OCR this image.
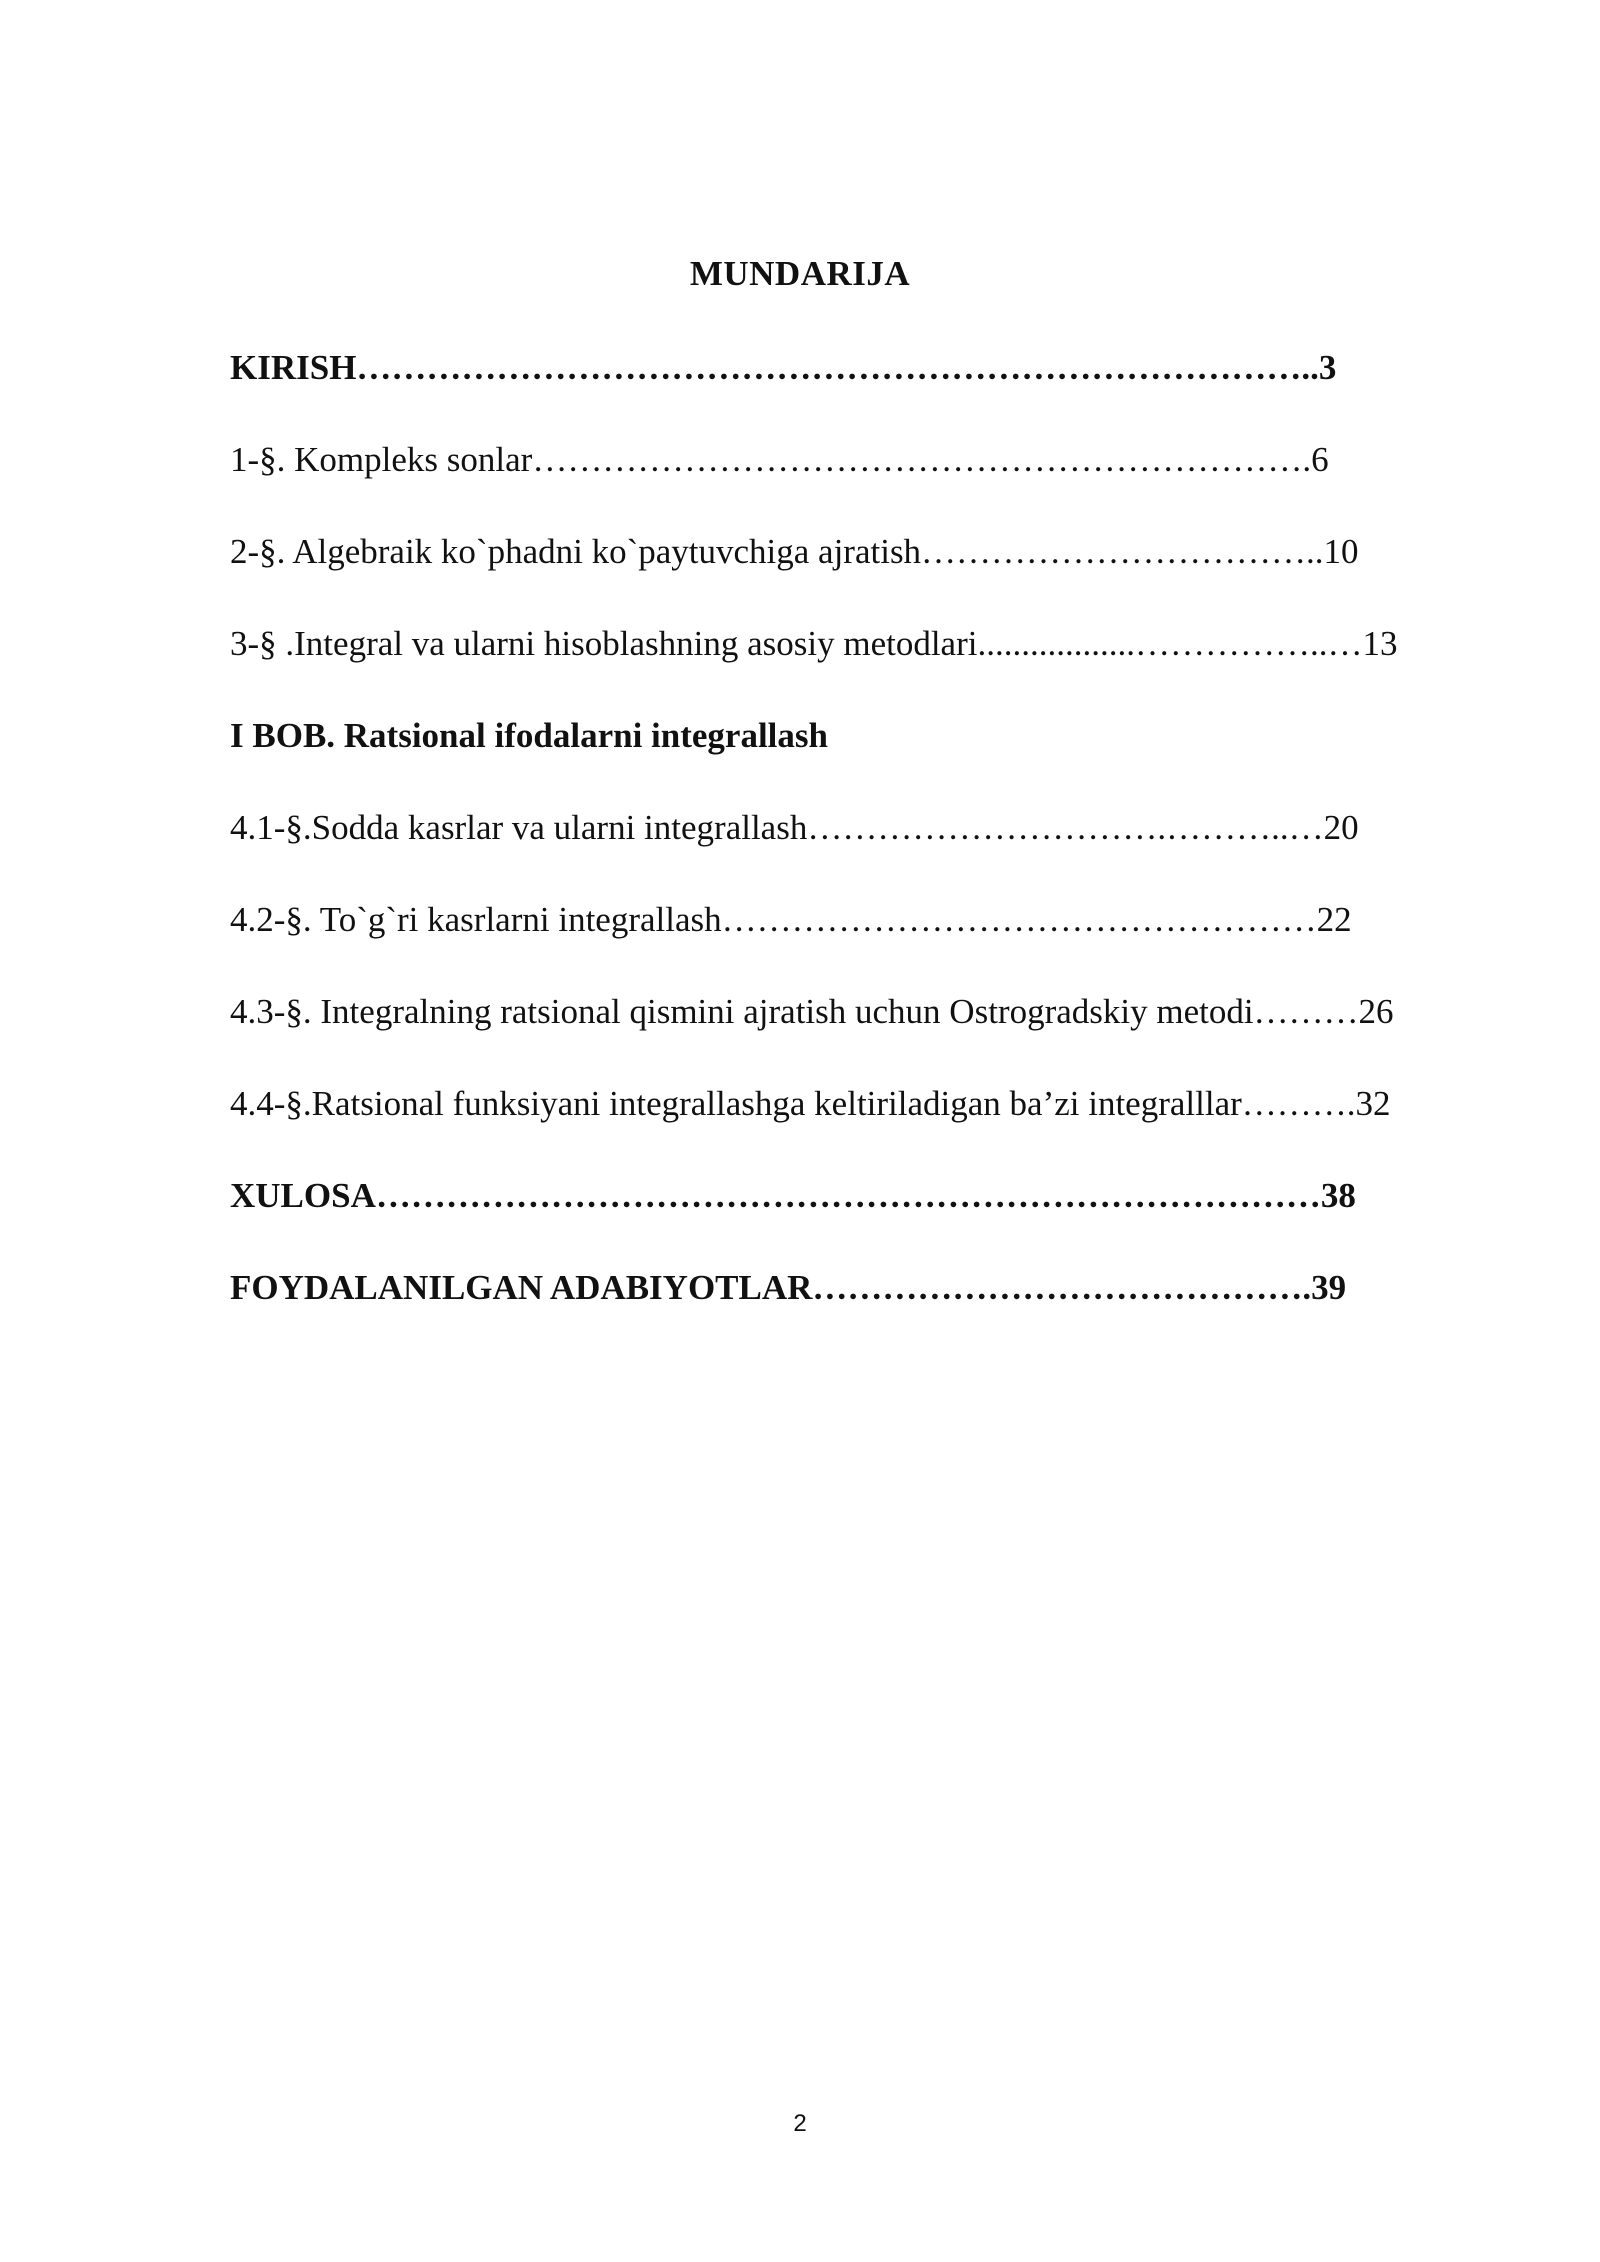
MUNDARIJA
KIRISH………………………………………………………………………..3
1-§. Kompleks sonlar………………………………………………………….6
2-§. Algebraik ko`phadni ko`paytuvchiga ajratish……………………………..10
3-§ .Integral va ularni hisoblashning asosiy metodlari..................……………..…13
I BOB. Ratsional ifodalarni integrallash
4.1-§.Sodda kasrlar va ularni integrallash………………………….………..…20
4.2-§. To`g`ri kasrlarni integrallash……………………………………………22
4.3-§. Integralning ratsional qismini ajratish uchun Ostrogradskiy metodi………26
4.4-§.Ratsional funksiyani integrallashga keltiriladigan ba’zi integralllar……….32
XULOSA………………………………………………………………………38
FOYDALANILGAN ADABIYOTLAR…………………………………….39
2
